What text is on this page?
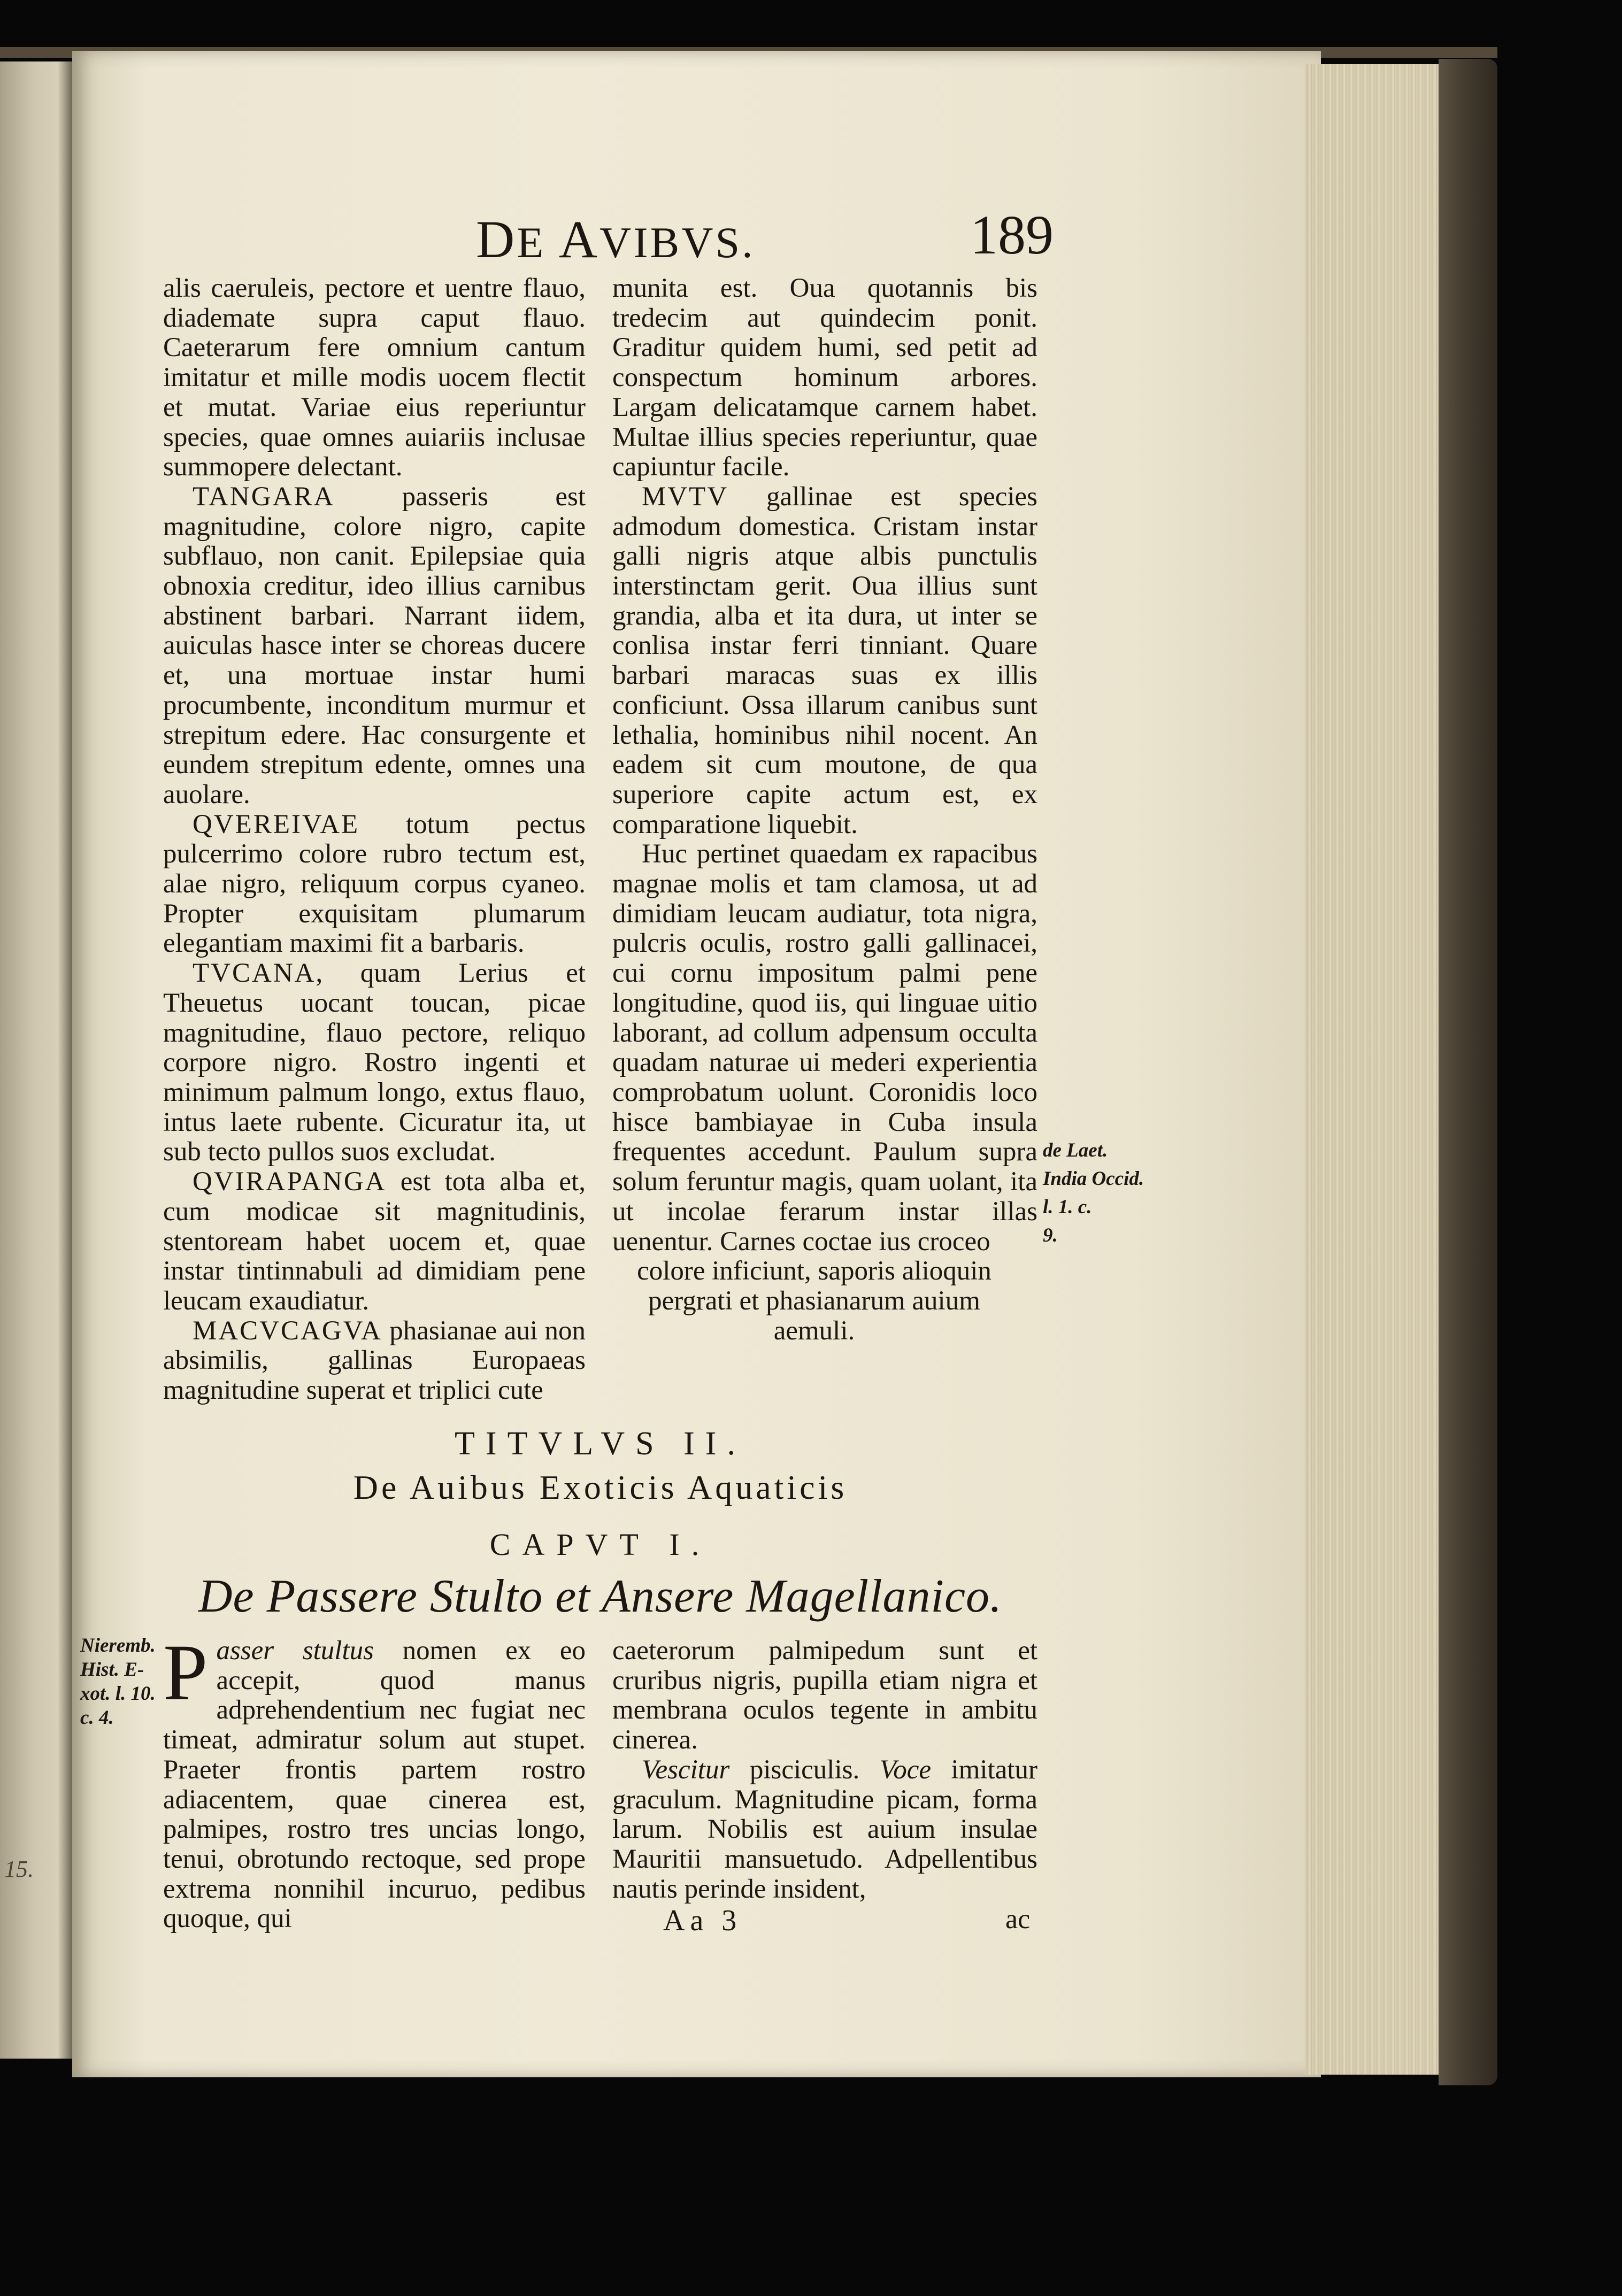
15.
DE AVIBVS.	189

alis caeruleis, pectore et uentre flauo, diademate supra caput flauo. Caeterarum fere omnium cantum imitatur et mille modis uocem flectit et mutat. Variae eius reperiuntur species, quae omnes auiariis inclusae summopere delectant.

TANGARA passeris est magnitudine, colore nigro, capite subflauo, non canit. Epilepsiae quia obnoxia creditur, ideo illius carnibus abstinent barbari. Narrant iidem, auiculas hasce inter se choreas ducere et, una mortuae instar humi procumbente, inconditum murmur et strepitum edere. Hac consurgente et eundem strepitum edente, omnes una auolare.

QVEREIVAE totum pectus pulcerrimo colore rubro tectum est, alae nigro, reliquum corpus cyaneo. Propter exquisitam plumarum elegantiam maximi fit a barbaris.

TVCANA, quam Lerius et Theuetus uocant toucan, picae magnitudine, flauo pectore, reliquo corpore nigro. Rostro ingenti et minimum palmum longo, extus flauo, intus laete rubente. Cicuratur ita, ut sub tecto pullos suos excludat.

QVIRAPANGA est tota alba et, cum modicae sit magnitudinis, stentoream habet uocem et, quae instar tintinnabuli ad dimidiam pene leucam exaudiatur.

MACVCAGVA phasianae aui non absimilis, gallinas Europaeas magnitudine superat et triplici cute

munita est. Oua quotannis bis tredecim aut quindecim ponit. Graditur quidem humi, sed petit ad conspectum hominum arbores. Largam delicatamque carnem habet. Multae illius species reperiuntur, quae capiuntur facile.

MVTV gallinae est species admodum domestica. Cristam instar galli nigris atque albis punctulis interstinctam gerit. Oua illius sunt grandia, alba et ita dura, ut inter se conlisa instar ferri tinniant. Quare barbari maracas suas ex illis conficiunt. Ossa illarum canibus sunt lethalia, hominibus nihil nocent. An eadem sit cum moutone, de qua superiore capite actum est, ex comparatione liquebit.

Huc pertinet quaedam ex rapacibus magnae molis et tam clamosa, ut ad dimidiam leucam audiatur, tota nigra, pulcris oculis, rostro galli gallinacei, cui cornu impositum palmi pene longitudine, quod iis, qui linguae uitio laborant, ad collum adpensum occulta quadam naturae ui mederi experientia comprobatum uolunt. Coronidis loco hisce bambiayae in Cuba insula frequentes accedunt. Paulum supra solum feruntur magis, quam uolant, ita ut incolae ferarum instar illas uenentur. Carnes coctae ius croceo

colore inficiunt, saporis alioquin pergrati et phasianarum auium aemuli.

de Laet.
India Occid. l. 1. c.
9.
TITVLVS II.
De Auibus Exoticis Aquaticis
CAPVT I.
De Passere Stulto et Ansere Magellanico.
Nieremb.
Hist. E-
xot. l. 10.
c. 4.

Passer stultus nomen ex eo accepit, quod manus adprehendentium nec fugiat nec timeat, admiratur solum aut stupet. Praeter frontis partem rostro adiacentem, quae cinerea est, palmipes, rostro tres uncias longo, tenui, obrotundo rectoque, sed prope extrema nonnihil incuruo, pedibus quoque, qui

caeterorum palmipedum sunt et cruribus nigris, pupilla etiam nigra et membrana oculos tegente in ambitu cinerea.

Vescitur pisciculis. Voce imitatur graculum. Magnitudine picam, forma larum. Nobilis est auium insulae Mauritii mansuetudo. Adpellentibus nautis perinde insident,

Aa 3	ac
